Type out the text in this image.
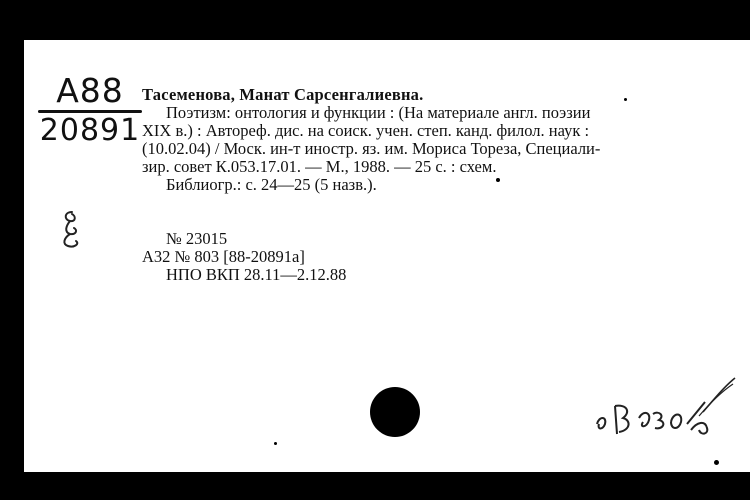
A88
20891
Тасеменова, Манат Сарсенгалиевна.
Поэтизм: онтология и функции : (На материале англ. поэзии
XIX в.) : Автореф. дис. на соиск. учен. степ. канд. филол. наук :
(10.02.04) / Моск. ин-т иностр. яз. им. Мориса Тореза, Специали-
зир. совет К.053.17.01. — М., 1988. — 25 с. : схем.
Библиогр.: с. 24—25 (5 назв.).
№ 23015
А32 № 803 [88-20891а]
НПО ВКП 28.11—2.12.88
